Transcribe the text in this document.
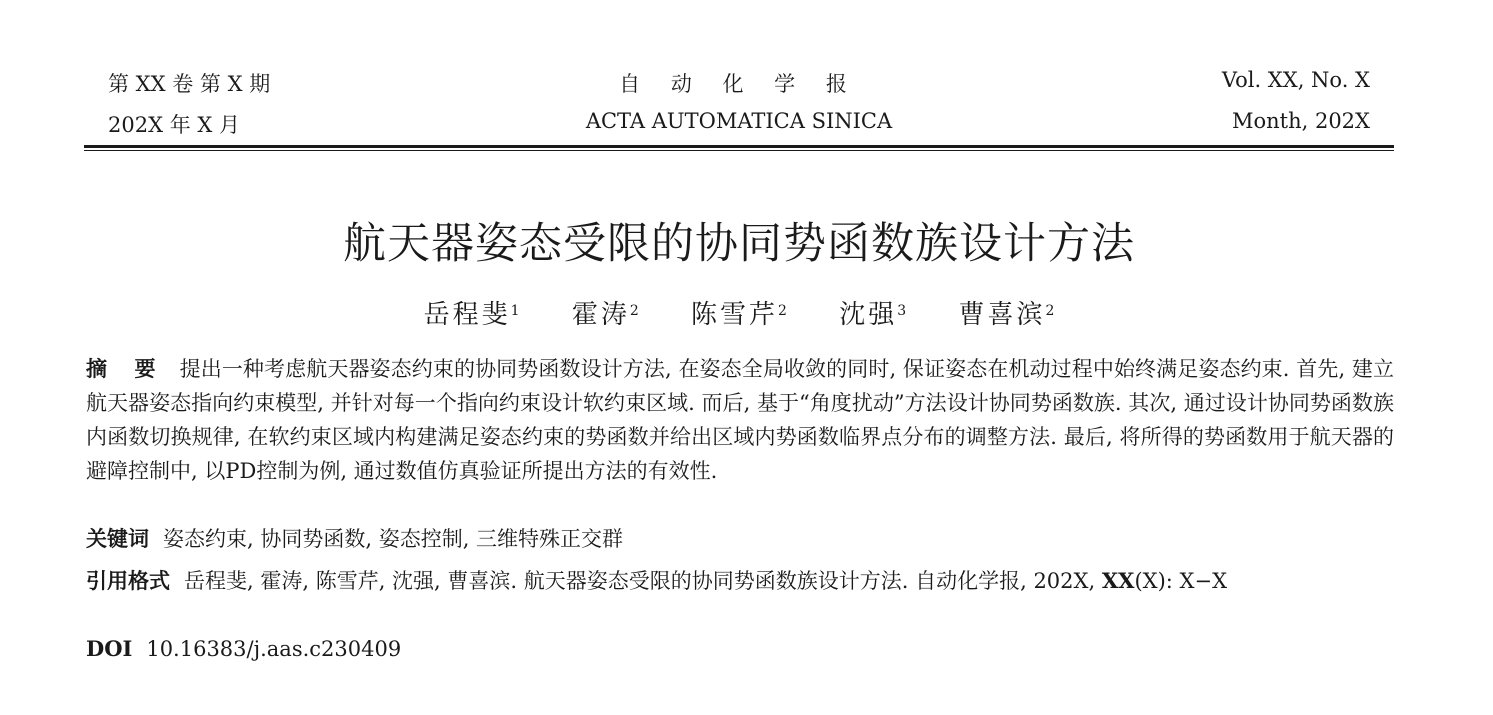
第 XX 卷 第 X 期	自 动 化 学 报	Vol. XX, No. X
202X 年 X 月	ACTA AUTOMATICA SINICA	Month, 202X
航天器姿态受限的协同势函数族设计方法
岳程斐$^1$ 霍涛$^2$ 陈雪芹$^2$ 沈强$^3$ 曹喜滨$^2$
摘 要 提出一种考虑航天器姿态约束的协同势函数设计方法, 在姿态全局收敛的同时, 保证姿态在机动过程中始终满足姿态约束. 首先, 建立航天器姿态指向约束模型, 并针对每一个指向约束设计软约束区域. 而后, 基于“角度扰动”方法设计协同势函数族. 其次, 通过设计协同势函数族内函数切换规律, 在软约束区域内构建满足姿态约束的势函数并给出区域内势函数临界点分布的调整方法. 最后, 将所得的势函数用于航天器的避障控制中, 以PD控制为例, 通过数值仿真验证所提出方法的有效性.
关键词 姿态约束, 协同势函数, 姿态控制, 三维特殊正交群
引用格式 岳程斐, 霍涛, 陈雪芹, 沈强, 曹喜滨. 航天器姿态受限的协同势函数族设计方法. 自动化学报, 202X, XX(X): X−X
DOI 10.16383/j.aas.c230409
